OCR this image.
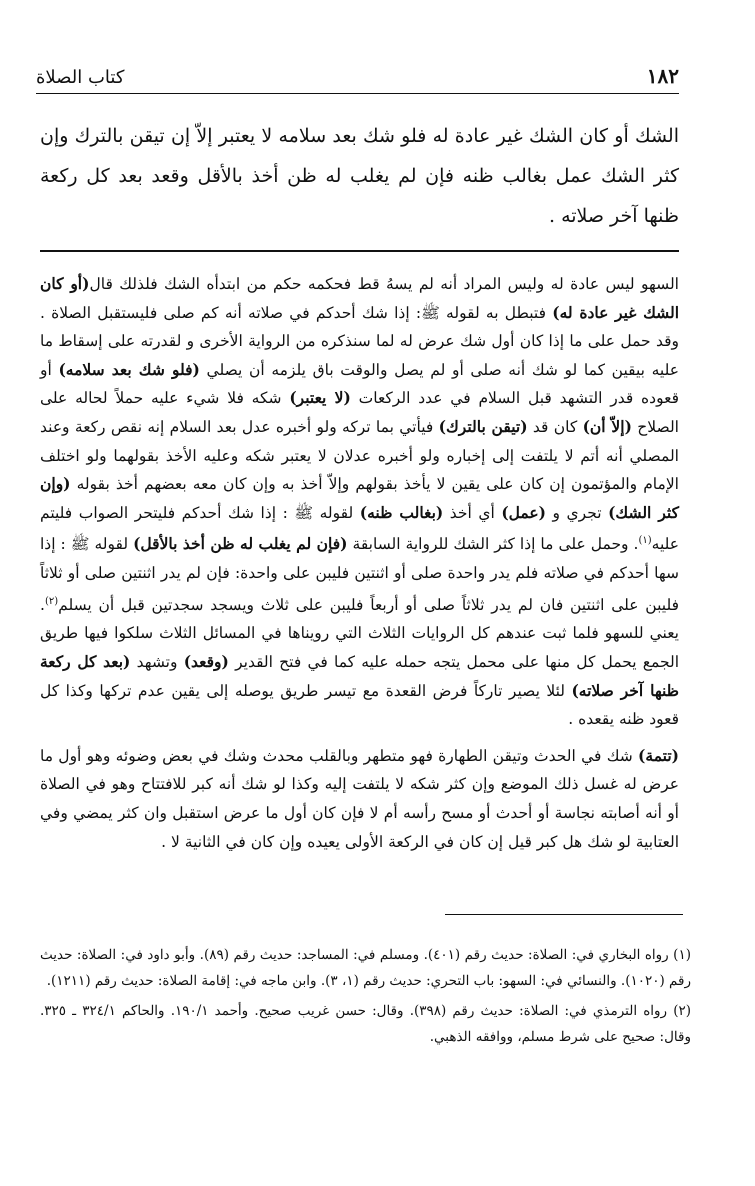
١٨٢
كتاب الصلاة
الشك أو كان الشك غير عادة له فلو شك بعد سلامه لا يعتبر إلاّ إن تيقن بالترك وإن كثر الشك عمل بغالب ظنه فإن لم يغلب له ظن أخذ بالأقل وقعد بعد كل ركعة ظنها آخر صلاته .

السهو ليس عادة له وليس المراد أنه لم يسهُ قط فحكمه حكم من ابتدأه الشك فلذلك قال(أو كان الشك غير عادة له) فتبطل به لقوله ﷺ: إذا شك أحدكم في صلاته أنه كم صلى فليستقبل الصلاة . وقد حمل على ما إذا كان أول شك عرض له لما سنذكره من الرواية الأخرى و لقدرته على إسقاط ما عليه بيقين كما لو شك أنه صلى أو لم يصل والوقت باق يلزمه أن يصلي (فلو شك بعد سلامه) أو قعوده قدر التشهد قبل السلام في عدد الركعات (لا يعتبر) شكه فلا شيء عليه حملاً لحاله على الصلاح (إلاّ أن) كان قد (تيقن بالترك) فيأتي بما تركه ولو أخبره عدل بعد السلام إنه نقص ركعة وعند المصلي أنه أتم لا يلتفت إلى إخباره ولو أخبره عدلان لا يعتبر شكه وعليه الأخذ بقولهما ولو اختلف الإمام والمؤتمون إن كان على يقين لا يأخذ بقولهم وإلاّ أخذ به وإن كان معه بعضهم أخذ بقوله (وإن كثر الشك) تجري و (عمل) أي أخذ (بغالب ظنه) لقوله ﷺ : إذا شك أحدكم فليتحر الصواب فليتم عليه$^{(١)}$. وحمل على ما إذا كثر الشك للرواية السابقة (فإن لم يغلب له ظن أخذ بالأقل) لقوله ﷺ : إذا سها أحدكم في صلاته فلم يدر واحدة صلى أو اثنتين فليبن على واحدة: فإن لم يدر اثنتين صلى أو ثلاثاً فليبن على اثنتين فان لم يدر ثلاثاً صلى أو أربعاً فليبن على ثلاث ويسجد سجدتين قبل أن يسلم$^{(٢)}$. يعني للسهو فلما ثبت عندهم كل الروايات الثلاث التي رويناها في المسائل الثلاث سلكوا فيها طريق الجمع يحمل كل منها على محمل يتجه حمله عليه كما في فتح القدير (وقعد) وتشهد (بعد كل ركعة ظنها آخر صلاته) لئلا يصير تاركاً فرض القعدة مع تيسر طريق يوصله إلى يقين عدم تركها وكذا كل قعود ظنه يقعده .

(تتمة) شك في الحدث وتيقن الطهارة فهو متطهر وبالقلب محدث وشك في بعض وضوئه وهو أول ما عرض له غسل ذلك الموضع وإن كثر شكه لا يلتفت إليه وكذا لو شك أنه كبر للافتتاح وهو في الصلاة أو أنه أصابته نجاسة أو أحدث أو مسح رأسه أم لا فإن كان أول ما عرض استقبل وان كثر يمضي وفي العتابية لو شك هل كبر قيل إن كان في الركعة الأولى يعيده وإن كان في الثانية لا .

(١) رواه البخاري في: الصلاة: حديث رقم (٤٠١). ومسلم في: المساجد: حديث رقم (٨٩). وأبو داود في: الصلاة: حديث رقم (١٠٢٠). والنسائي في: السهو: باب التحري: حديث رقم (١، ٣). وابن ماجه في: إقامة الصلاة: حديث رقم (١٢١١).

(٢) رواه الترمذي في: الصلاة: حديث رقم (٣٩٨). وقال: حسن غريب صحيح. وأحمد ١٩٠/١. والحاكم ٣٢٤/١ ـ ٣٢٥. وقال: صحيح على شرط مسلم، ووافقه الذهبي.
